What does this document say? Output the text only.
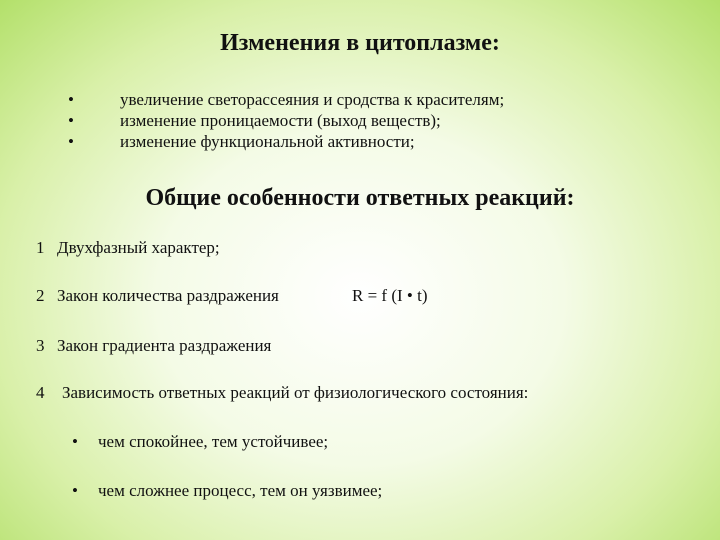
Изменения в цитоплазме:
•	увеличение светорассеяния и сродства к красителям;
•	изменение проницаемости (выход веществ);
•	изменение функциональной активности;
Общие особенности ответных реакций:
1 Двухфазный характер;
2 Закон количества раздражения	R = f (I • t)
3 Закон градиента раздражения
4 Зависимость ответных реакций от физиологического состояния:
• чем спокойнее, тем устойчивее;
• чем сложнее процесс, тем он уязвимее;
